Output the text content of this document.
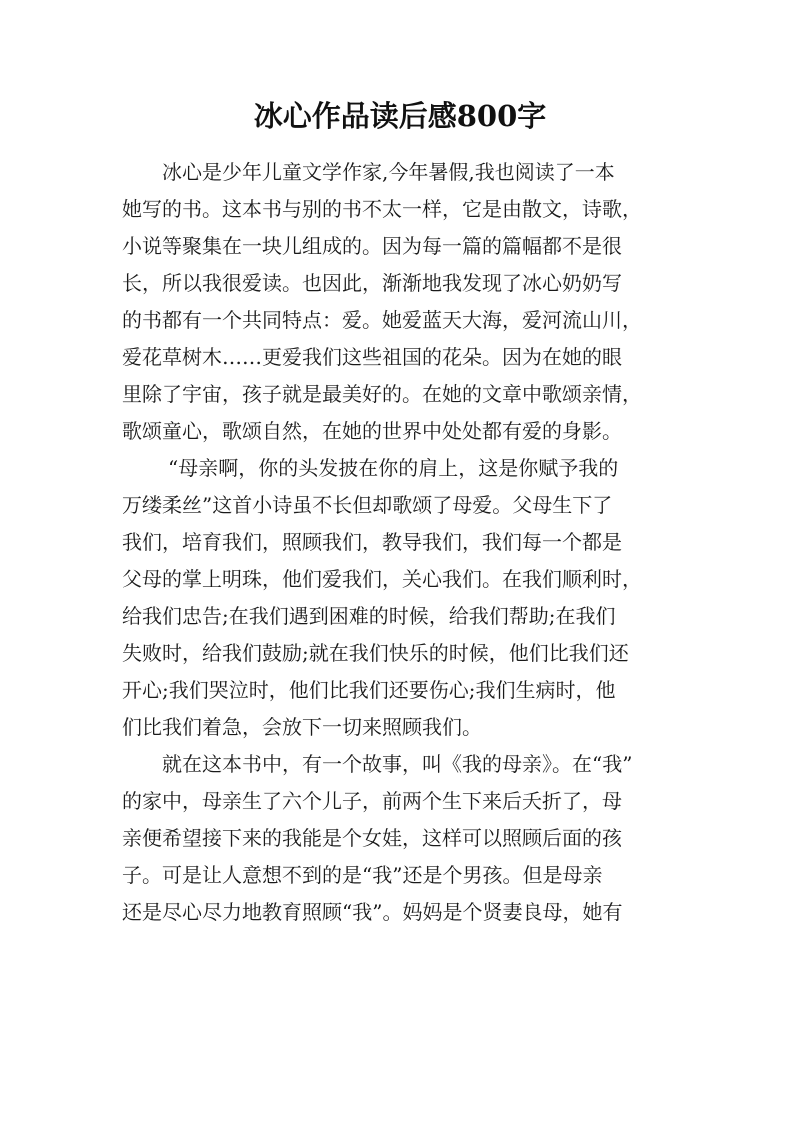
冰心作品读后感800字
冰心是少年儿童文学作家,今年暑假,我也阅读了一本
她写的书。这本书与别的书不太一样，它是由散文，诗歌，
小说等聚集在一块儿组成的。因为每一篇的篇幅都不是很
长，所以我很爱读。也因此，渐渐地我发现了冰心奶奶写
的书都有一个共同特点：爱。她爱蓝天大海，爱河流山川，
爱花草树木……更爱我们这些祖国的花朵。因为在她的眼
里除了宇宙，孩子就是最美好的。在她的文章中歌颂亲情，
歌颂童心，歌颂自然，在她的世界中处处都有爱的身影。
“母亲啊，你的头发披在你的肩上，这是你赋予我的
万缕柔丝”这首小诗虽不长但却歌颂了母爱。父母生下了
我们，培育我们，照顾我们，教导我们，我们每一个都是
父母的掌上明珠，他们爱我们，关心我们。在我们顺利时，
给我们忠告;在我们遇到困难的时候，给我们帮助;在我们
失败时，给我们鼓励;就在我们快乐的时候，他们比我们还
开心;我们哭泣时，他们比我们还要伤心;我们生病时，他
们比我们着急，会放下一切来照顾我们。
就在这本书中，有一个故事，叫《我的母亲》。在“我”
的家中，母亲生了六个儿子，前两个生下来后夭折了，母
亲便希望接下来的我能是个女娃，这样可以照顾后面的孩
子。可是让人意想不到的是“我”还是个男孩。但是母亲
还是尽心尽力地教育照顾“我”。妈妈是个贤妻良母，她有
